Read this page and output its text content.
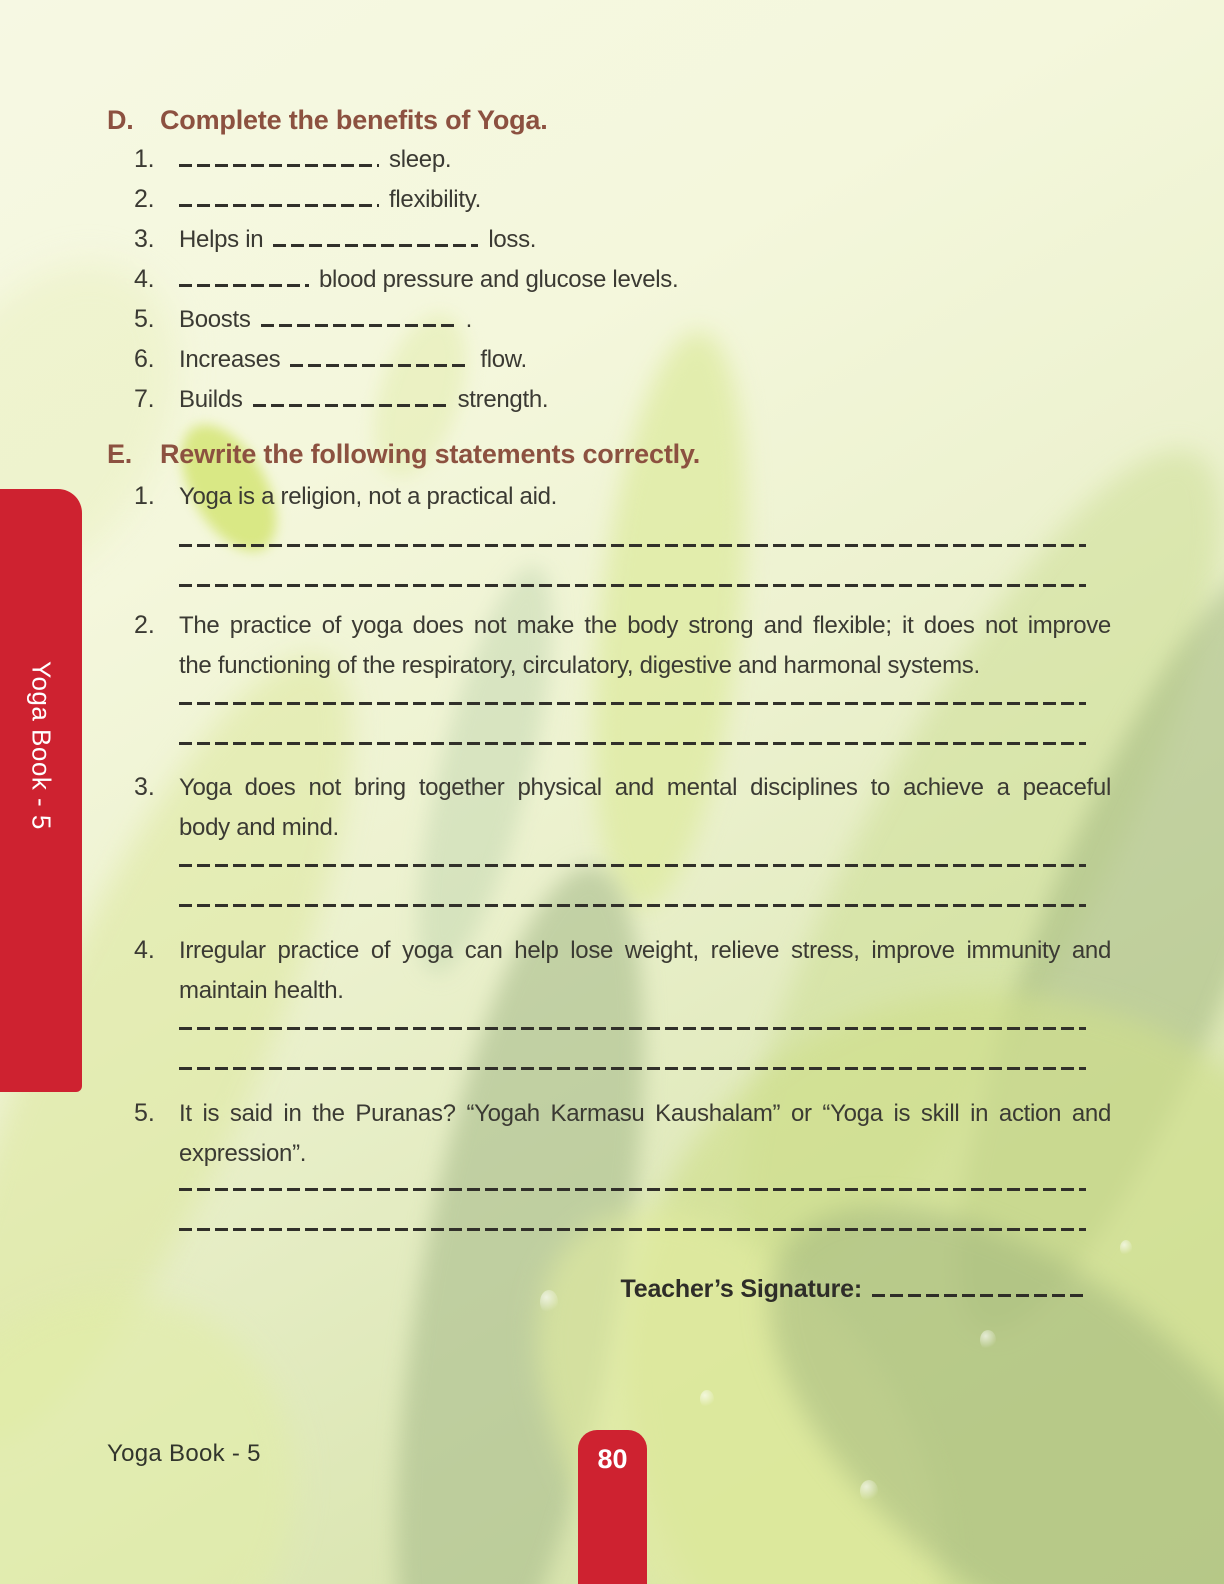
D. Complete the benefits of Yoga.
1.	sleep.
2.	flexibility.
3.	Helps in	loss.
4.	blood pressure and glucose levels.
5.	Boosts	.
6.	Increases	flow.
7.	Builds	strength.
E.	Rewrite the following statements correctly.
1.	Yoga is a religion, not a practical aid.
2.	The practice of yoga does not make the body strong and flexible; it does not improve
the functioning of the respiratory, circulatory, digestive and harmonal systems.
3.	Yoga does not bring together physical and mental disciplines to achieve a peaceful
body and mind.
4.	Irregular practice of yoga can help lose weight, relieve stress, improve immunity and
maintain health.
5.	It is said in the Puranas? “Yogah Karmasu Kaushalam” or “Yoga is skill in action and
expression”.
Teacher’s Signature:
Yoga Book - 5
Yoga Book - 5	80
